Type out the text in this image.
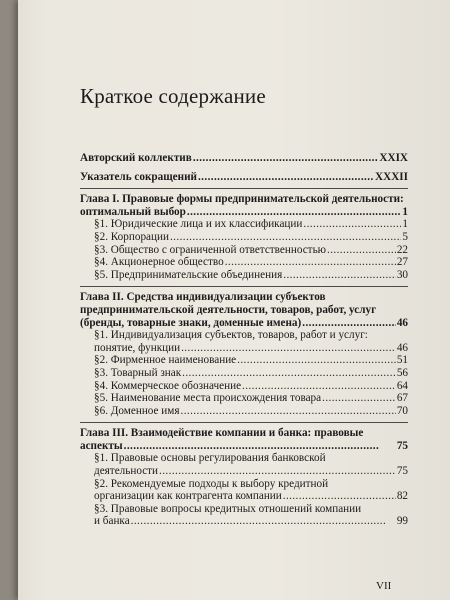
Краткое содержание
Авторский коллектив . . .	XXIX
Указатель сокращений . . .	XXXII
Глава I. Правовые формы предпринимательской деятельности:
оптимальный выбор . . .	1
§1. Юридические лица и их классификации . . .	1
§2. Корпорации . . .	5
§3. Общество с ограниченной ответственностью . . .	22
§4. Акционерное общество . . .	27
§5. Предпринимательские объединения . . .	30
Глава II. Средства индивидуализации субъектов
предпринимательской деятельности, товаров, работ, услуг
(бренды, товарные знаки, доменные имена) . . .	46
§1. Индивидуализация субъектов, товаров, работ и услуг:
понятие, функции . . .	46
§2. Фирменное наименование . . .	51
§3. Товарный знак . . .	56
§4. Коммерческое обозначение . . .	64
§5. Наименование места происхождения товара . . .	67
§6. Доменное имя . . .	70
Глава III. Взаимодействие компании и банка: правовые
аспекты . . .	75
§1. Правовые основы регулирования банковской
деятельности . . .	75
§2. Рекомендуемые подходы к выбору кредитной
организации как контрагента компании . . .	82
§3. Правовые вопросы кредитных отношений компании
и банка . . .	99
VII
